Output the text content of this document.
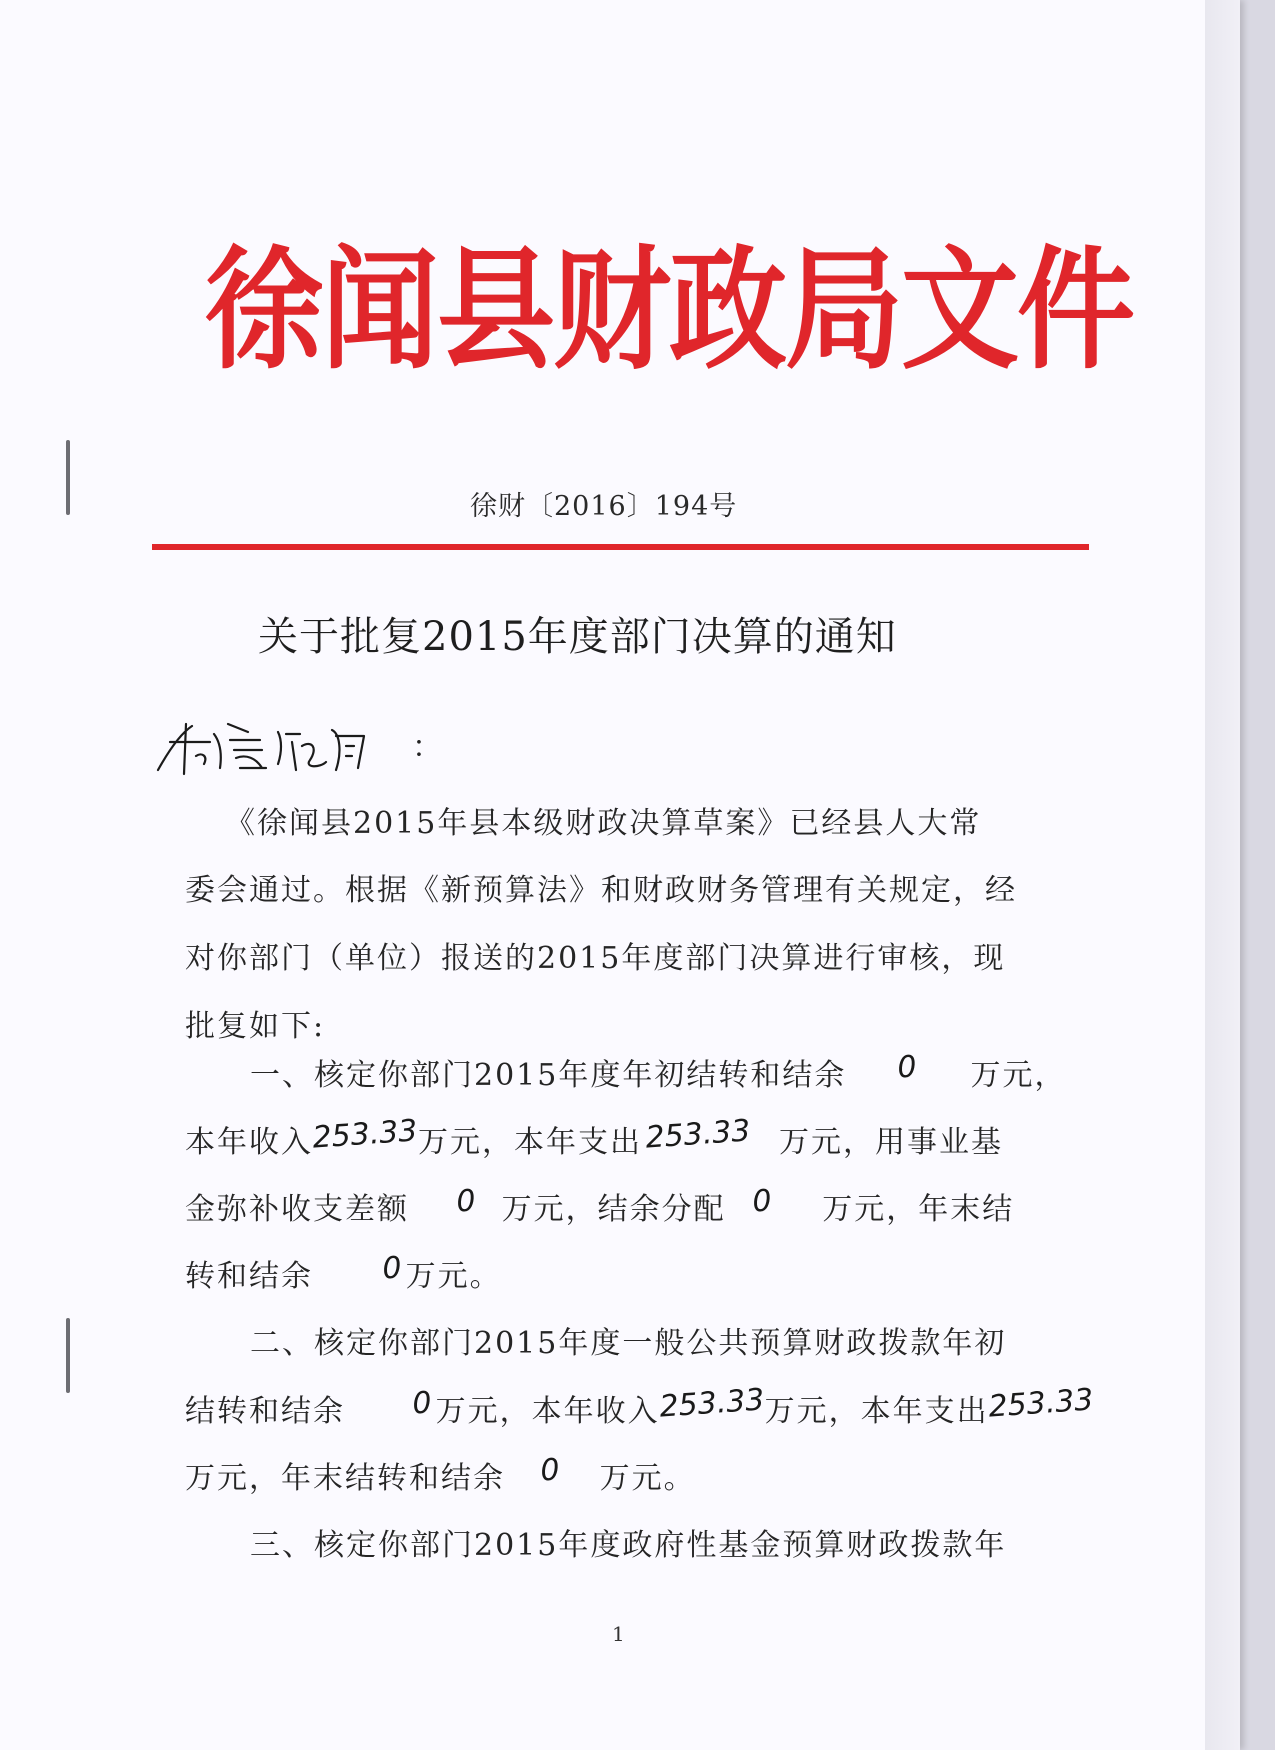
徐闻县财政局文件
徐财〔2016〕194号
关于批复2015年度部门决算的通知
：
《徐闻县2015年县本级财政决算草案》已经县人大常
委会通过。根据《新预算法》和财政财务管理有关规定，经
对你部门（单位）报送的2015年度部门决算进行审核，现
批复如下:
一、核定你部门2015年度年初结转和结余 0 万元，
本年收入253.33万元，本年支出253.33 万元，用事业基
金弥补收支差额 0 万元，结余分配 0 万元，年末结
转和结余 0 万元。
二、核定你部门2015年度一般公共预算财政拨款年初
结转和结余 0 万元，本年收入253.33万元，本年支出253.33
万元，年末结转和结余 0 万元。
三、核定你部门2015年度政府性基金预算财政拨款年
1
